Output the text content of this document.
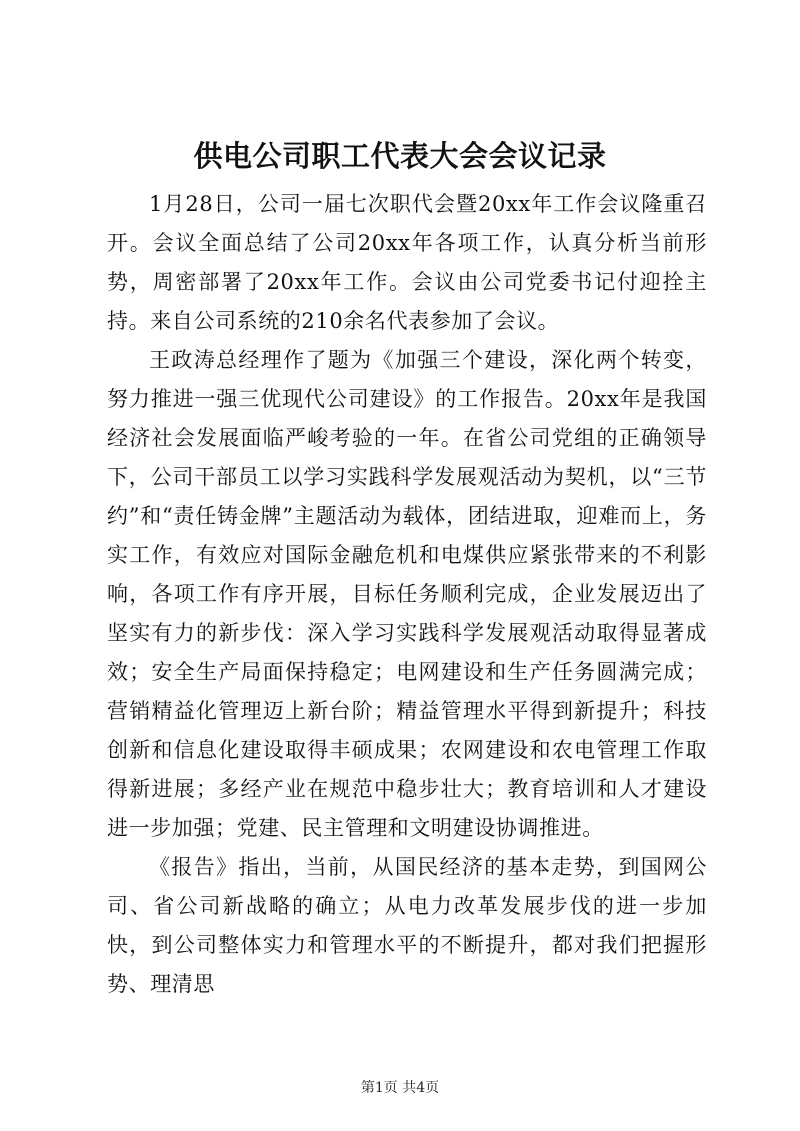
供电公司职工代表大会会议记录

1月28日，公司一届七次职代会暨20xx年工作会议隆重召开。会议全面总结了公司20xx年各项工作，认真分析当前形势，周密部署了20xx年工作。会议由公司党委书记付迎拴主持。来自公司系统的210余名代表参加了会议。

王政涛总经理作了题为《加强三个建设，深化两个转变，努力推进一强三优现代公司建设》的工作报告。20xx年是我国经济社会发展面临严峻考验的一年。在省公司党组的正确领导下，公司干部员工以学习实践科学发展观活动为契机，以“三节约”和“责任铸金牌”主题活动为载体，团结进取，迎难而上，务实工作，有效应对国际金融危机和电煤供应紧张带来的不利影响，各项工作有序开展，目标任务顺利完成，企业发展迈出了坚实有力的新步伐：深入学习实践科学发展观活动取得显著成效；安全生产局面保持稳定；电网建设和生产任务圆满完成；营销精益化管理迈上新台阶；精益管理水平得到新提升；科技创新和信息化建设取得丰硕成果；农网建设和农电管理工作取得新进展；多经产业在规范中稳步壮大；教育培训和人才建设进一步加强；党建、民主管理和文明建设协调推进。

《报告》指出，当前，从国民经济的基本走势，到国网公司、省公司新战略的确立；从电力改革发展步伐的进一步加快，到公司整体实力和管理水平的不断提升，都对我们把握形势、理清思

第1页 共4页
